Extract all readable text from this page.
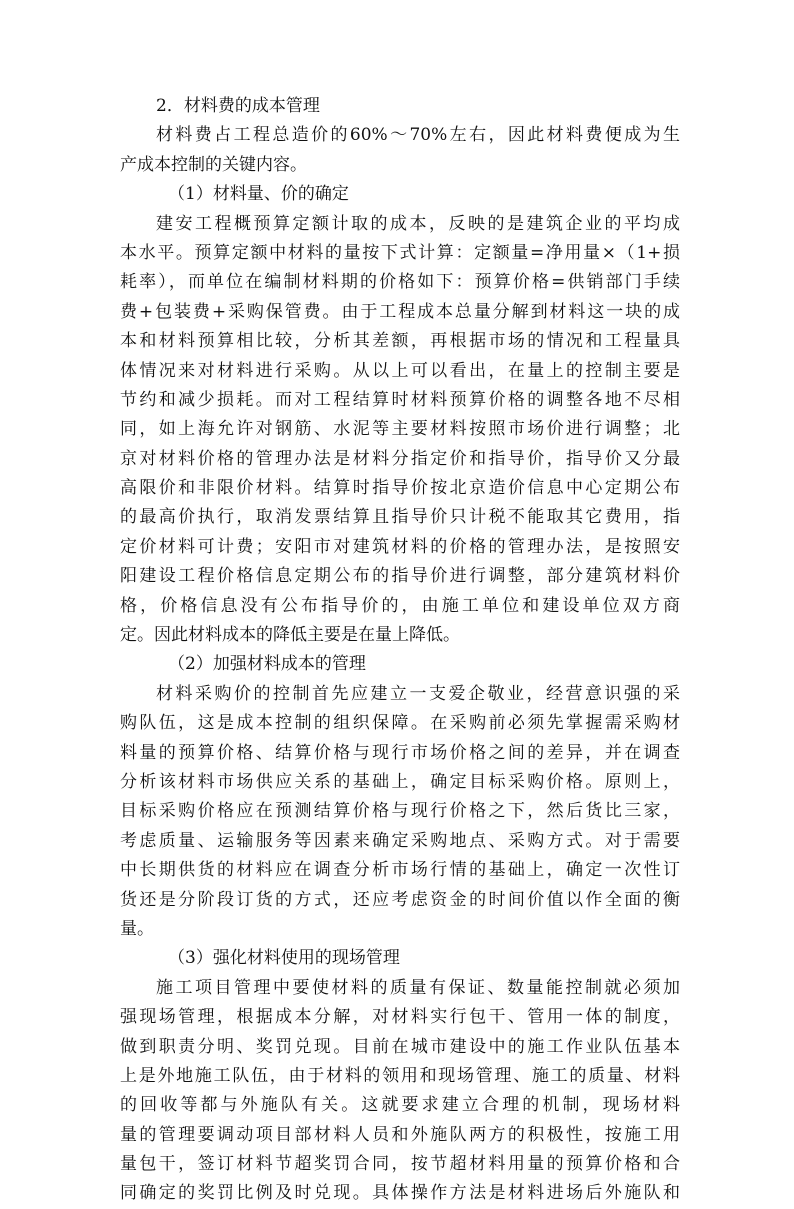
2．材料费的成本管理
材料费占工程总造价的60%～70%左右，因此材料费便成为生
产成本控制的关键内容。
（1）材料量、价的确定
建安工程概预算定额计取的成本，反映的是建筑企业的平均成
本水平。预算定额中材料的量按下式计算：定额量=净用量×（1+损
耗率），而单位在编制材料期的价格如下：预算价格=供销部门手续
费+包装费+采购保管费。由于工程成本总量分解到材料这一块的成
本和材料预算相比较，分析其差额，再根据市场的情况和工程量具
体情况来对材料进行采购。从以上可以看出，在量上的控制主要是
节约和减少损耗。而对工程结算时材料预算价格的调整各地不尽相
同，如上海允许对钢筋、水泥等主要材料按照市场价进行调整；北
京对材料价格的管理办法是材料分指定价和指导价，指导价又分最
高限价和非限价材料。结算时指导价按北京造价信息中心定期公布
的最高价执行，取消发票结算且指导价只计税不能取其它费用，指
定价材料可计费；安阳市对建筑材料的价格的管理办法，是按照安
阳建设工程价格信息定期公布的指导价进行调整，部分建筑材料价
格，价格信息没有公布指导价的，由施工单位和建设单位双方商
定。因此材料成本的降低主要是在量上降低。
（2）加强材料成本的管理
材料采购价的控制首先应建立一支爱企敬业，经营意识强的采
购队伍，这是成本控制的组织保障。在采购前必须先掌握需采购材
料量的预算价格、结算价格与现行市场价格之间的差异，并在调查
分析该材料市场供应关系的基础上，确定目标采购价格。原则上，
目标采购价格应在预测结算价格与现行价格之下，然后货比三家，
考虑质量、运输服务等因素来确定采购地点、采购方式。对于需要
中长期供货的材料应在调查分析市场行情的基础上，确定一次性订
货还是分阶段订货的方式，还应考虑资金的时间价值以作全面的衡
量。
（3）强化材料使用的现场管理
施工项目管理中要使材料的质量有保证、数量能控制就必须加
强现场管理，根据成本分解，对材料实行包干、管用一体的制度，
做到职责分明、奖罚兑现。目前在城市建设中的施工作业队伍基本
上是外地施工队伍，由于材料的领用和现场管理、施工的质量、材料
的回收等都与外施队有关。这就要求建立合理的机制，现场材料
量的管理要调动项目部材料人员和外施队两方的积极性，按施工用
量包干，签订材料节超奖罚合同，按节超材料用量的预算价格和合
同确定的奖罚比例及时兑现。具体操作方法是材料进场后外施队和
